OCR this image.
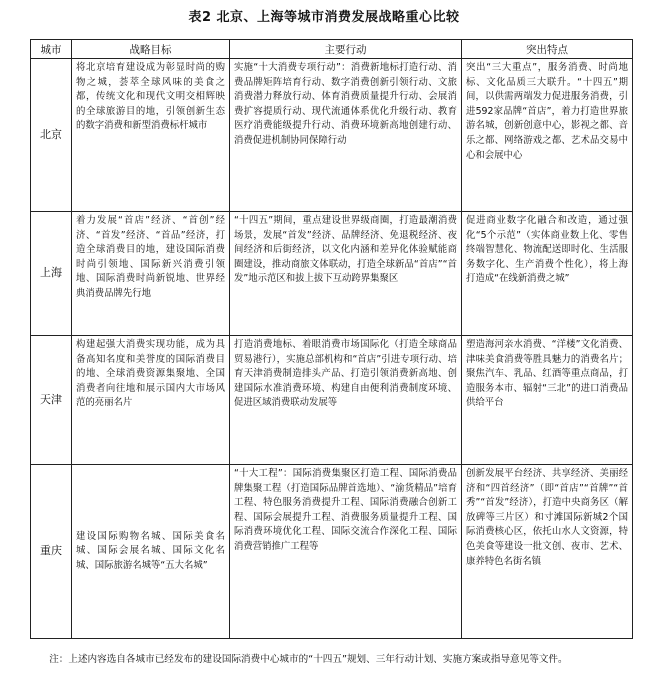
表2 北京、上海等城市消费发展战略重心比较
城市	战略目标	主要行动	突出特点
北京	将北京培育建设成为彰显时尚的购物之城，荟萃全球风味的美食之都，传统文化和现代文明交相辉映的全球旅游目的地，引领创新生态的数字消费和新型消费标杆城市	实施“十大消费专项行动”：消费新地标打造行动、消费品牌矩阵培育行动、数字消费创新引领行动、文旅消费潜力释放行动、体育消费质量提升行动、会展消费扩容提质行动、现代流通体系优化升级行动、教育医疗消费能级提升行动、消费环境新高地创建行动、消费促进机制协同保障行动	突出“三大重点”，服务消费、时尚地标、文化品质三大联升。“十四五”期间，以供需两端发力促进服务消费，引进592家品牌“首店”，着力打造世界旅游名城，创新创意中心，影视之都、音乐之都、网络游戏之都、艺术品交易中心和会展中心
上海	着力发展“首店”经济、“首创”经济、“首发”经济、“首品”经济，打造全球消费目的地，建设国际消费时尚引领地、国际新兴消费引领地、国际消费时尚新锐地、世界经典消费品牌先行地	“十四五”期间，重点建设世界级商圈，打造最潮消费场景，发展“首发”经济、品牌经济、免退税经济、夜间经济和后街经济，以文化内涵和差异化体验赋能商圈建设，推动商旅文体联动，打造全球新品“首店”“首发”地示范区和拔上拔下互动跨界集聚区	促进商业数字化融合和改造，通过强化“5个示范”（实体商业数上化、零售终端智慧化、物流配送即时化、生活服务数字化、生产消费个性化），将上海打造成“在线新消费之城”
天津	构建起强大消费实现功能，成为具备高知名度和美誉度的国际消费目的地、全球消费资源集聚地、全国消费者向往地和展示国内大市场风范的亮丽名片	打造消费地标、着眼消费市场国际化（打造全球商品贸易港行），实施总部机构和“首店”引进专项行动、培育天津消费制造排头产品、打造引领消费新高地、创建国际水准消费环境、构建自由便利消费制度环境、促进区域消费联动发展等	塑造海河亲水消费、“洋楼”文化消费、津味美食消费等胜具魅力的消费名片；聚焦汽车、乳品、红酒等重点商品，打造服务本市、辐射“三北”的进口消费品供给平台
重庆	建设国际购物名城、国际美食名城、国际会展名城、国际文化名城、国际旅游名城等“五大名城”	“十大工程”：国际消费集聚区打造工程、国际消费品牌集聚工程（打造国际品牌首选地）、“渝货精品”培育工程、特色服务消费提升工程、国际消费融合创新工程、国际会展提升工程、消费服务质量提升工程、国际消费环境优化工程、国际交流合作深化工程、国际消费营销推广工程等	创新发展平台经济、共享经济、美丽经济和“四首经济”（即“首店”“首牌”“首秀”“首发”经济），打造中央商务区（解放碑等三片区）和寸滩国际新城2个国际消费核心区，依托山水人文资源，特色美食等建设一批文创、夜市、艺术、康养特色名街名镇
注：上述内容选自各城市已经发布的建设国际消费中心城市的“十四五”规划、三年行动计划、实施方案或指导意见等文件。
